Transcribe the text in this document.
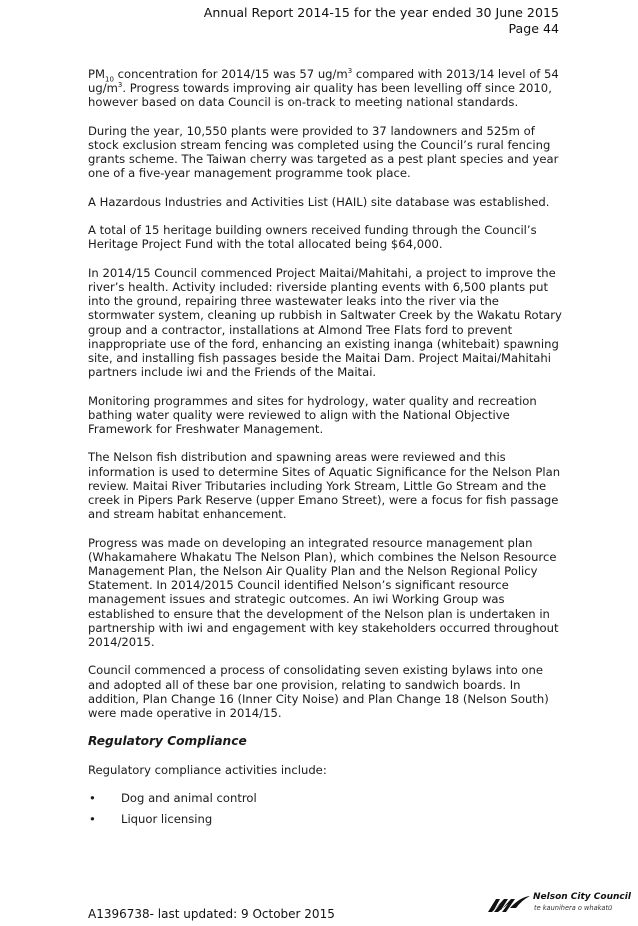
Annual Report 2014-15 for the year ended 30 June 2015
Page 44

$PM_{10}$ concentration for 2014/15 was 57 $ug/m^3$ compared with 2013/14 level of 54 $ug/m^3$. Progress towards improving air quality has been levelling off since 2010, however based on data Council is on-track to meeting national standards.

During the year, 10,550 plants were provided to 37 landowners and 525m of stock exclusion stream fencing was completed using the Council’s rural fencing grants scheme. The Taiwan cherry was targeted as a pest plant species and year one of a five-year management programme took place.

A Hazardous Industries and Activities List (HAIL) site database was established.

A total of 15 heritage building owners received funding through the Council’s Heritage Project Fund with the total allocated being $64,000.

In 2014/15 Council commenced Project Maitai/Mahitahi, a project to improve the river’s health. Activity included: riverside planting events with 6,500 plants put into the ground, repairing three wastewater leaks into the river via the stormwater system, cleaning up rubbish in Saltwater Creek by the Wakatu Rotary group and a contractor, installations at Almond Tree Flats ford to prevent inappropriate use of the ford, enhancing an existing inanga (whitebait) spawning site, and installing fish passages beside the Maitai Dam. Project Maitai/Mahitahi partners include iwi and the Friends of the Maitai.

Monitoring programmes and sites for hydrology, water quality and recreation bathing water quality were reviewed to align with the National Objective Framework for Freshwater Management.

The Nelson fish distribution and spawning areas were reviewed and this information is used to determine Sites of Aquatic Significance for the Nelson Plan review. Maitai River Tributaries including York Stream, Little Go Stream and the creek in Pipers Park Reserve (upper Emano Street), were a focus for fish passage and stream habitat enhancement.

Progress was made on developing an integrated resource management plan (Whakamahere Whakatu The Nelson Plan), which combines the Nelson Resource Management Plan, the Nelson Air Quality Plan and the Nelson Regional Policy Statement. In 2014/2015 Council identified Nelson’s significant resource management issues and strategic outcomes. An iwi Working Group was established to ensure that the development of the Nelson plan is undertaken in partnership with iwi and engagement with key stakeholders occurred throughout 2014/2015.

Council commenced a process of consolidating seven existing bylaws into one and adopted all of these bar one provision, relating to sandwich boards. In addition, Plan Change 16 (Inner City Noise) and Plan Change 18 (Nelson South) were made operative in 2014/15.

Regulatory Compliance

Regulatory compliance activities include:

• Dog and animal control
• Liquor licensing
A1396738- last updated: 9 October 2015
Nelson City Council
te kaunihera o whakatū
